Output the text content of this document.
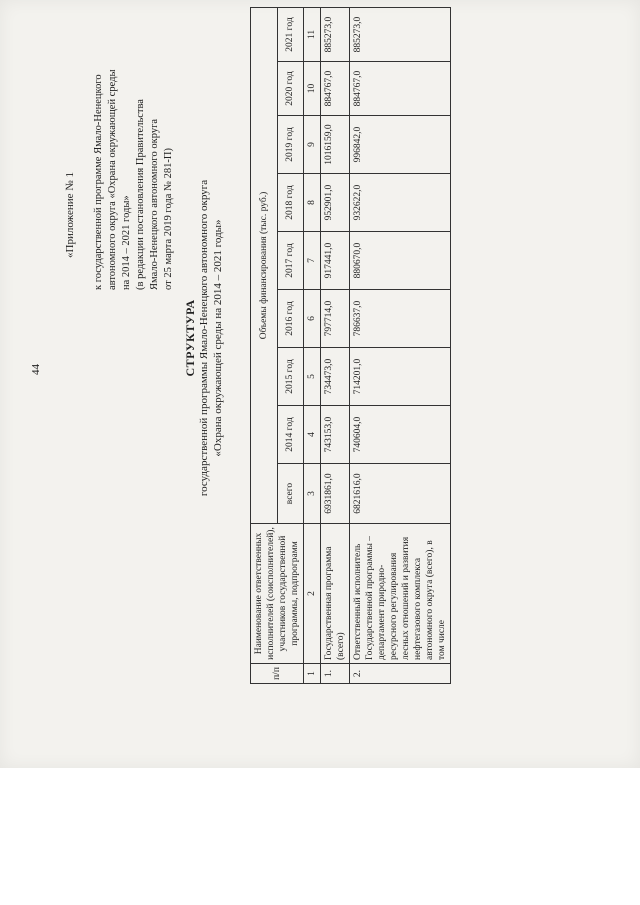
44
«Приложение № 1 к государственной программе Ямало-Ненецкого автономного округа «Охрана окружающей среды на 2014 – 2021 годы» (в редакции постановления Правительства Ямало-Ненецкого автономного округа от 25 марта 2019 года № 281-П)
СТРУКТУРА государственной программы Ямало-Ненецкого автономного округа «Охрана окружающей среды на 2014 – 2021 годы»
п/п	Наименование ответственных исполнителей (соисполнителей), участников государственной программы, подпрограмм	Объемы финансирования (тыс. руб.)								
		всего	2014 год	2015 год	2016 год	2017 год	2018 год	2019 год	2020 год	2021 год
1	2	3	4	5	6	7	8	9	10	11
1.	Государственная программа (всего)	6931861,0	743153,0	734473,0	797714,0	917441,0	952901,0	1016159,0	884767,0	885273,0
2.	Ответственный исполнитель Государственной программы – департамент природно-ресурсного регулирования лесных отношений и развития нефтегазового комплекса автономного округа (всего), в том числе	6821616,0	740604,0	714201,0	786637,0	880670,0	932622,0	996842,0	884767,0	885273,0
